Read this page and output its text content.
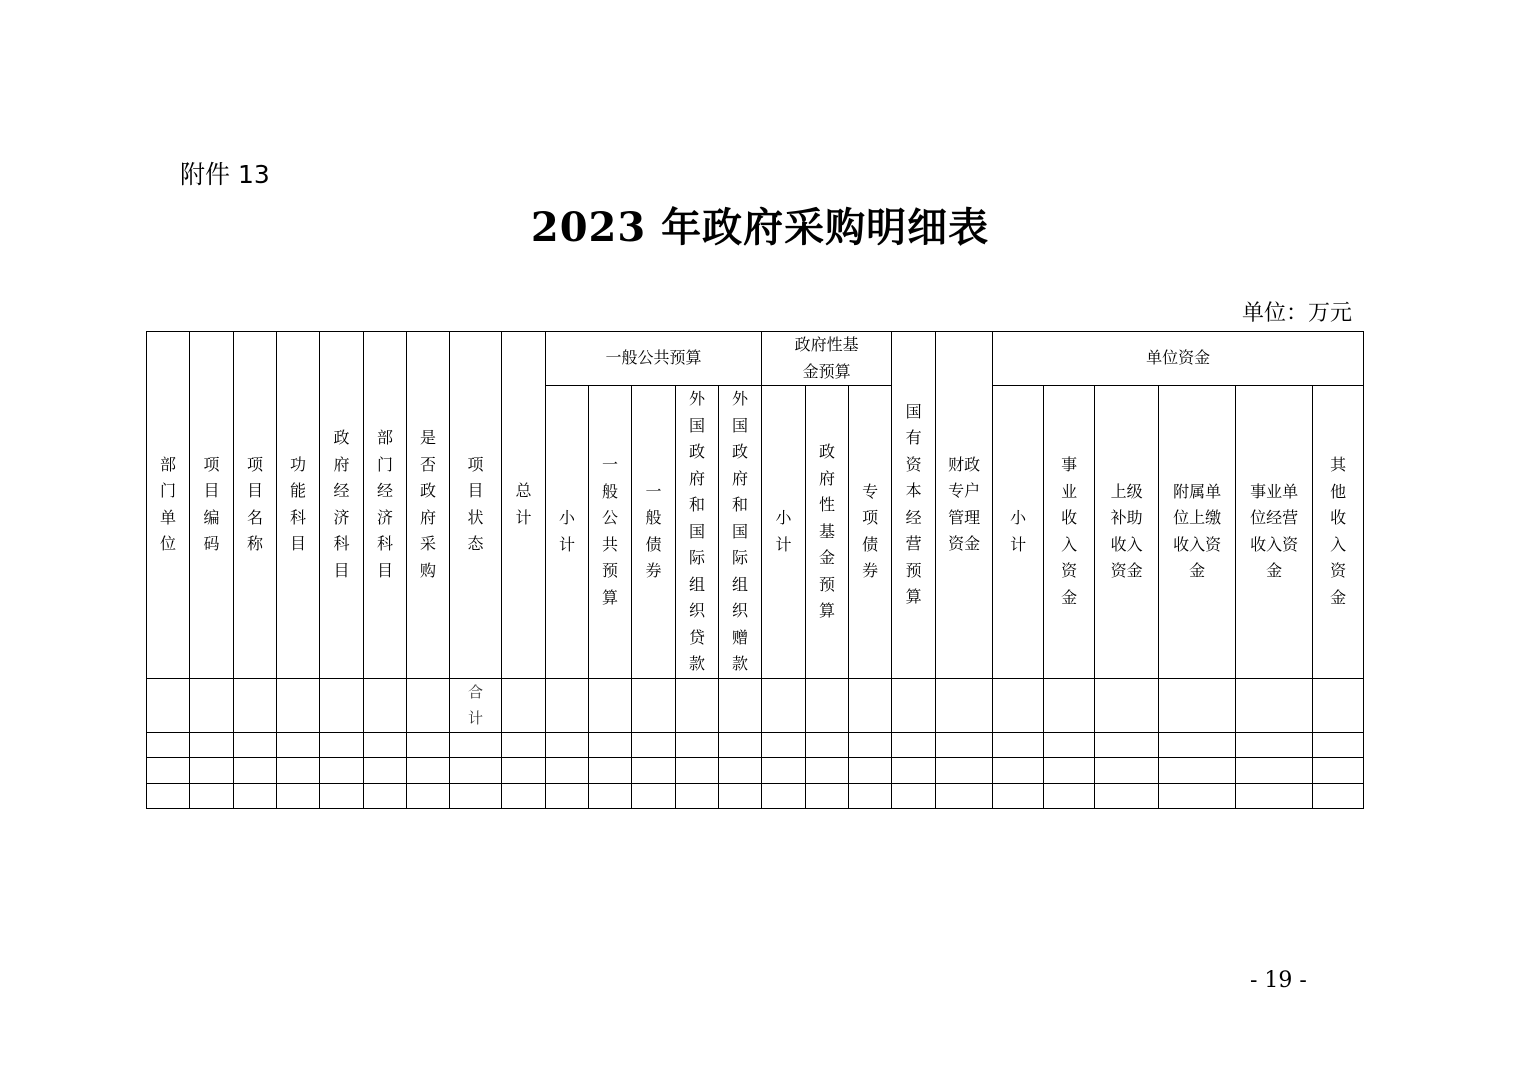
附件 13
2023 年政府采购明细表
单位：万元
部门单位	项目编码	项目名称	功能科目	政府经济科目	部门经济科目	是否政府采购	项目状态	总计	一般公共预算					政府性基金预算			国有资本经营预算	财政专户管理资金	单位资金					

									小计	一般公共预算	一般债券	外国政府和国际组织贷款	外国政府和国际组织赠款	小计	政府性基金预算	专项债券			小计	事业收入资金	上级补助收入资金	附属单位上缴收入资金	事业单位经营收入资金	其他收入资金

							合计																	

- 19 -
